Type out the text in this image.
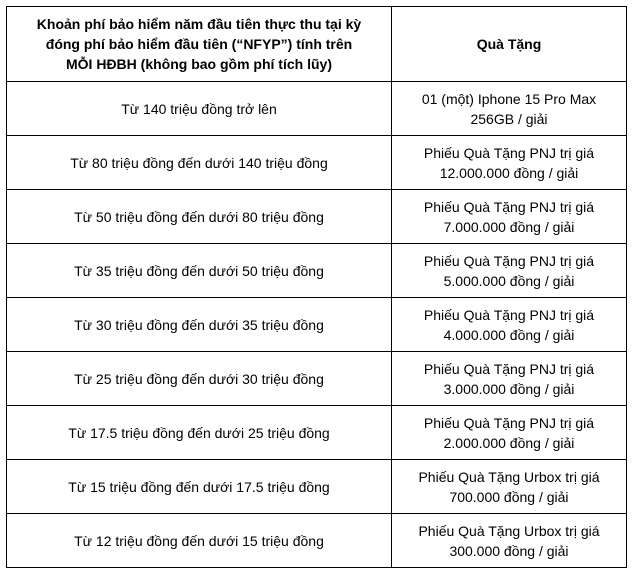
Khoản phí bảo hiểm năm đầu tiên thực thu tại kỳ
đóng phí bảo hiểm đầu tiên (“NFYP”) tính trên
MỖI HĐBH (không bao gồm phí tích lũy)	Quà Tặng

Từ 140 triệu đồng trở lên	01 (một) Iphone 15 Pro Max
256GB / giải

Từ 80 triệu đồng đến dưới 140 triệu đồng	Phiếu Quà Tặng PNJ trị giá
12.000.000 đồng / giải

Từ 50 triệu đồng đến dưới 80 triệu đồng	Phiếu Quà Tặng PNJ trị giá
7.000.000 đồng / giải

Từ 35 triệu đồng đến dưới 50 triệu đồng	Phiếu Quà Tặng PNJ trị giá
5.000.000 đồng / giải

Từ 30 triệu đồng đến dưới 35 triệu đồng	Phiếu Quà Tặng PNJ trị giá
4.000.000 đồng / giải

Từ 25 triệu đồng đến dưới 30 triệu đồng	Phiếu Quà Tặng PNJ trị giá
3.000.000 đồng / giải

Từ 17.5 triệu đồng đến dưới 25 triệu đồng	Phiếu Quà Tặng PNJ trị giá
2.000.000 đồng / giải

Từ 15 triệu đồng đến dưới 17.5 triệu đồng	Phiếu Quà Tặng Urbox trị giá
700.000 đồng / giải

Từ 12 triệu đồng đến dưới 15 triệu đồng	Phiếu Quà Tặng Urbox trị giá
300.000 đồng / giải
